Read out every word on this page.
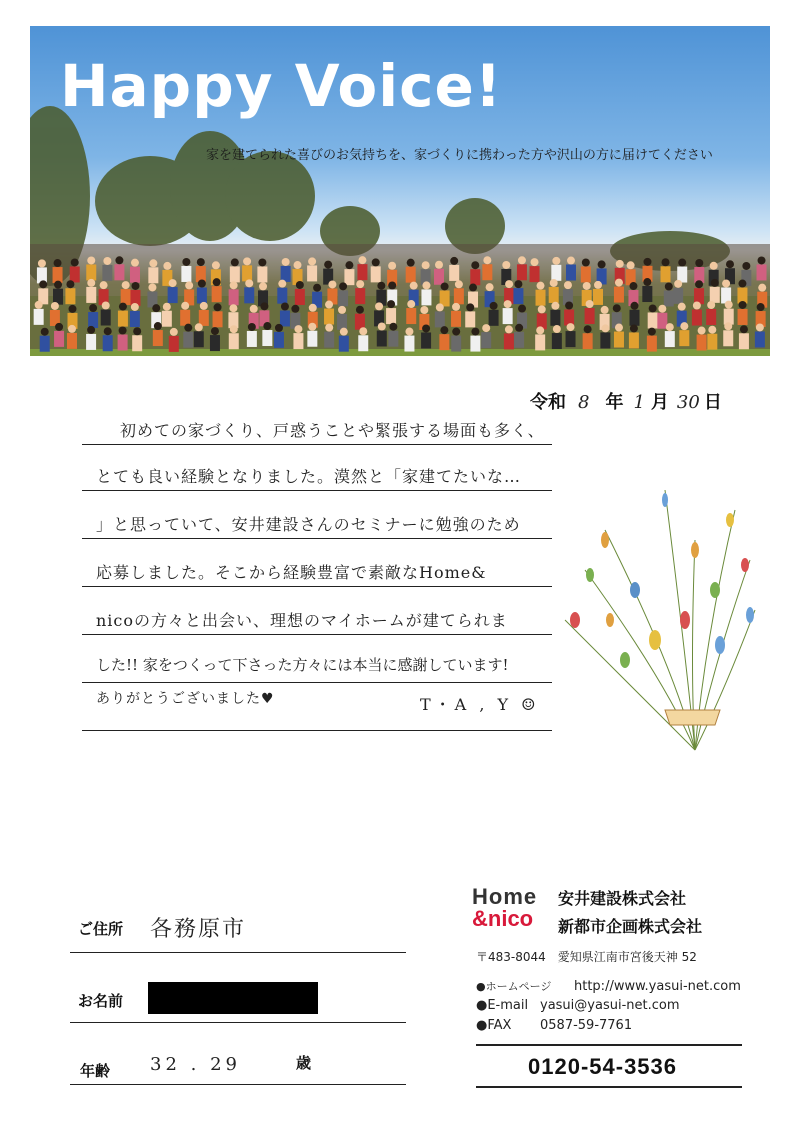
Happy Voice!
家を建てられた喜びのお気持ちを、家づくりに携わった方や沢山の方に届けてください
令和 8 年 1 月 30 日
初めての家づくり、戸惑うことや緊張する場面も多く、
とても良い経験となりました。漠然と「家建てたいな…
」と思っていて、安井建設さんのセミナーに勉強のため
応募しました。そこから経験豊富で素敵なHome&
nicoの方々と出会い、理想のマイホームが建てられま
した!! 家をつくって下さった方々には本当に感謝しています!
ありがとうございました♥	T・A , Y ☺
ご住所 各務原市
お名前
年齢 32 . 29	歳
Home
&nico
安井建設株式会社
新都市企画株式会社
〒483-8044　愛知県江南市宮後天神 52
●ホームページ http://www.yasui-net.com
●E-mail yasui@yasui-net.com
●FAX 0587-59-7761
0120-54-3536
